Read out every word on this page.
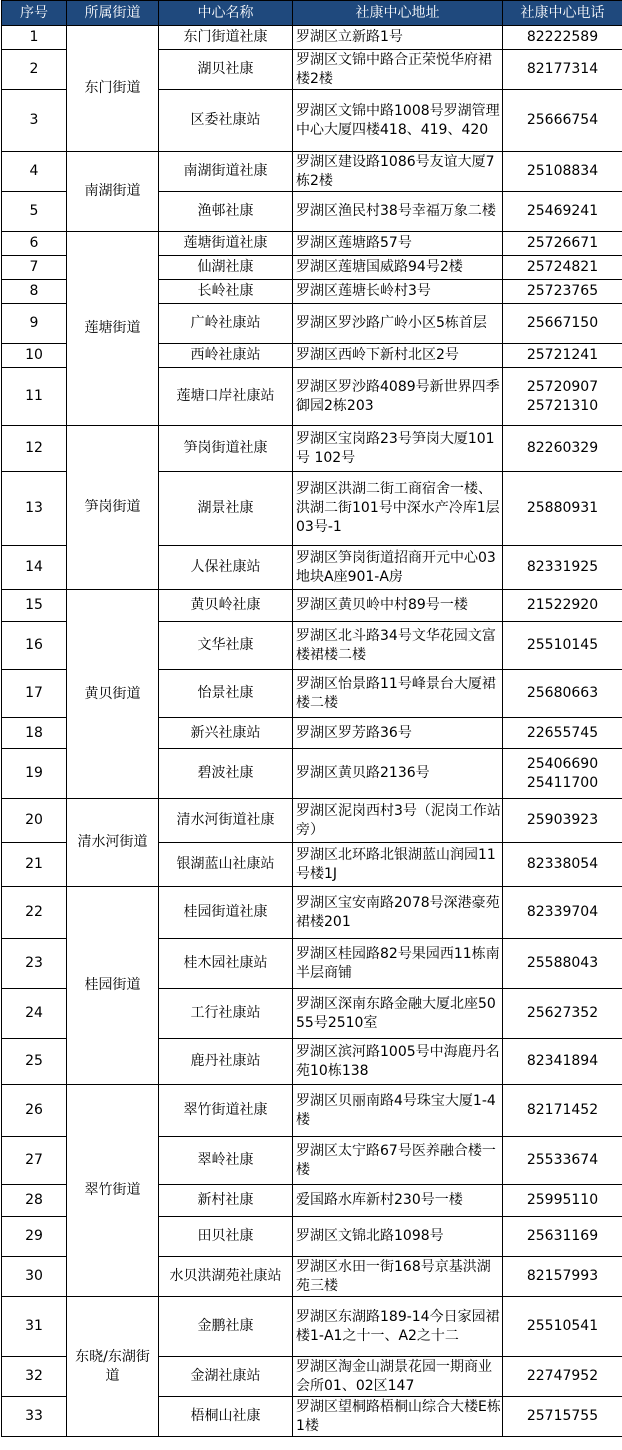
序号	所属街道	中心名称	社康中心地址	社康中心电话
1	东门街道	东门街道社康	罗湖区立新路1号	82222589

2		湖贝社康	罗湖区文锦中路合正荣悦华府裙楼2楼	82177314

3		区委社康站	罗湖区文锦中路1008号罗湖管理中心大厦四楼418、419、420	25666754

4	南湖街道	南湖街道社康	罗湖区建设路1086号友谊大厦7栋2楼	25108834

5		渔邨社康	罗湖区渔民村38号幸福万象二楼	25469241

6	莲塘街道	莲塘街道社康	罗湖区莲塘路57号	25726671

7		仙湖社康	罗湖区莲塘国威路94号2楼	25724821

8		长岭社康	罗湖区莲塘长岭村3号	25723765

9		广岭社康站	罗湖区罗沙路广岭小区5栋首层	25667150

10		西岭社康站	罗湖区西岭下新村北区2号	25721241

11		莲塘口岸社康站	罗湖区罗沙路4089号新世界四季御园2栋203	25720907
25721310

12	笋岗街道	笋岗街道社康	罗湖区宝岗路23号笋岗大厦101号 102号	82260329

13		湖景社康	罗湖区洪湖二街工商宿舍一楼、洪湖二街101号中深水产冷库1层03号-1	25880931

14		人保社康站	罗湖区笋岗街道招商开元中心03地块A座901-A房	82331925

15	黄贝街道	黄贝岭社康	罗湖区黄贝岭中村89号一楼	21522920

16		文华社康	罗湖区北斗路34号文华花园文富楼裙楼二楼	25510145

17		怡景社康	罗湖区怡景路11号峰景台大厦裙楼二楼	25680663

18		新兴社康站	罗湖区罗芳路36号	22655745

19		碧波社康	罗湖区黄贝路2136号	25406690
25411700

20	清水河街道	清水河街道社康	罗湖区泥岗西村3号（泥岗工作站旁）	25903923

21		银湖蓝山社康站	罗湖区北环路北银湖蓝山润园11号楼1J	82338054

22	桂园街道	桂园街道社康	罗湖区宝安南路2078号深港豪苑裙楼201	82339704

23		桂木园社康站	罗湖区桂园路82号果园西11栋南半层商铺	25588043

24		工行社康站	罗湖区深南东路金融大厦北座5055号2510室	25627352

25		鹿丹社康站	罗湖区滨河路1005号中海鹿丹名苑10栋138	82341894

26	翠竹街道	翠竹街道社康	罗湖区贝丽南路4号珠宝大厦1-4楼	82171452

27		翠岭社康	罗湖区太宁路67号医养融合楼一楼	25533674

28		新村社康	爱国路水库新村230号一楼	25995110

29		田贝社康	罗湖区文锦北路1098号	25631169

30		水贝洪湖苑社康站	罗湖区水田一街168号京基洪湖苑三楼	82157993

31	东晓/东湖街道	金鹏社康	罗湖区东湖路189-14今日家园裙楼1-A1之十一、A2之十二	25510541

32		金湖社康站	罗湖区淘金山湖景花园一期商业会所01、02区147	22747952

33		梧桐山社康	罗湖区望桐路梧桐山综合大楼E栋1楼	25715755
